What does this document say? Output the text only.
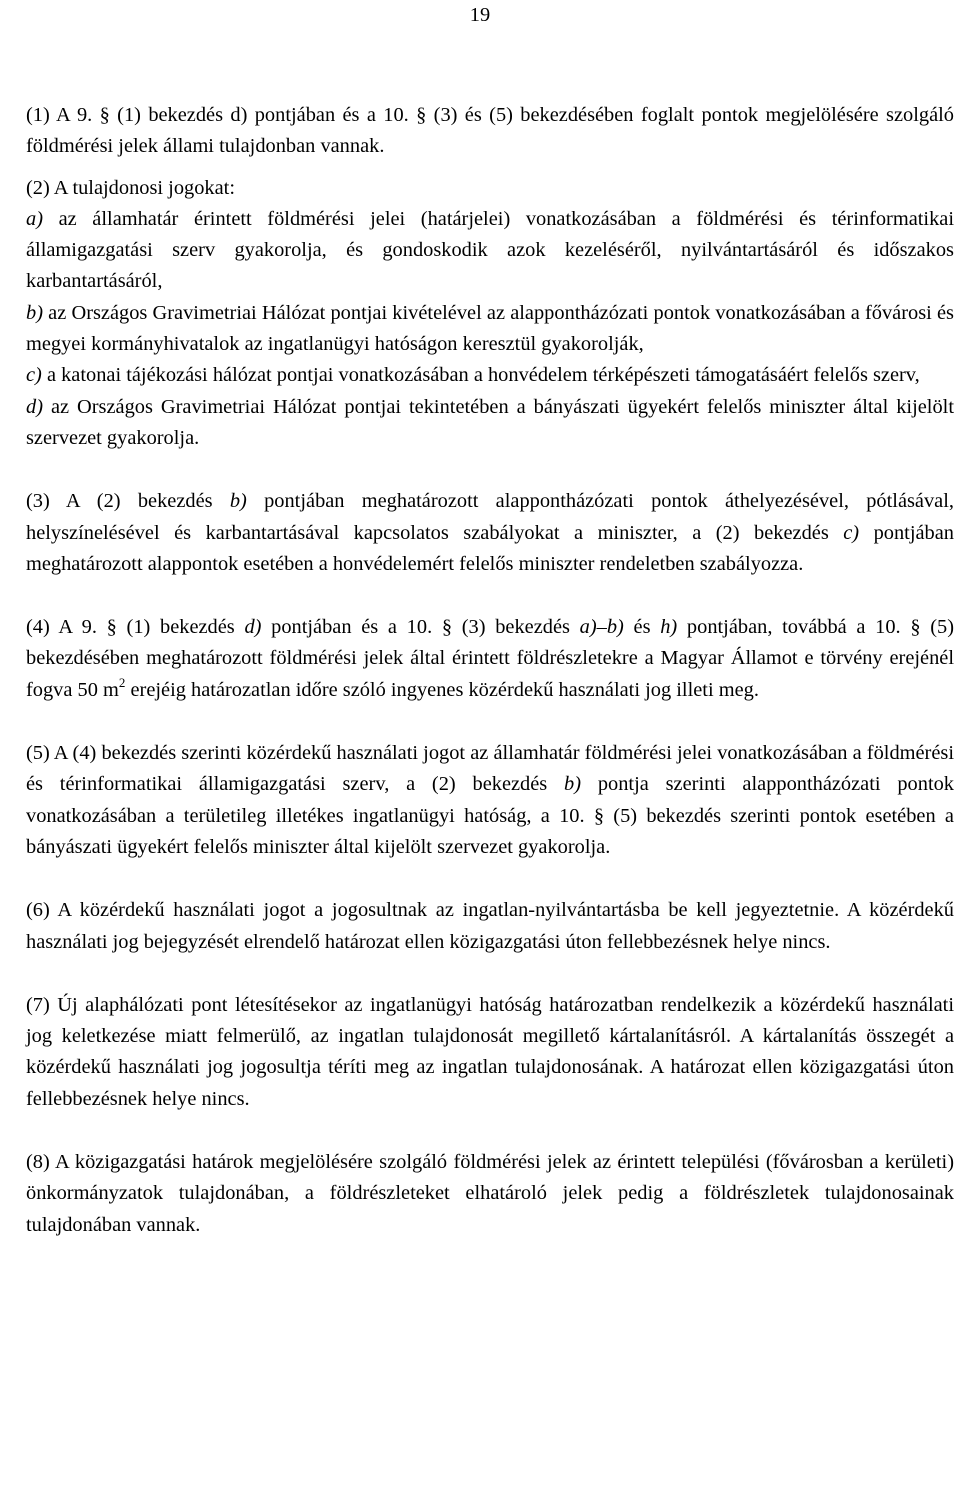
19

(1) A 9. § (1) bekezdés d) pontjában és a 10. § (3) és (5) bekezdésében foglalt pontok megjelölésére szolgáló földmérési jelek állami tulajdonban vannak.

(2) A tulajdonosi jogokat:
a) az államhatár érintett földmérési jelei (határjelei) vonatkozásában a földmérési és térinformatikai államigazgatási szerv gyakorolja, és gondoskodik azok kezeléséről, nyilvántartásáról és időszakos karbantartásáról,
b) az Országos Gravimetriai Hálózat pontjai kivételével az alappontházózati pontok vonatkozásában a fővárosi és megyei kormányhivatalok az ingatlanügyi hatóságon keresztül gyakorolják,
c) a katonai tájékozási hálózat pontjai vonatkozásában a honvédelem térképészeti támogatásáért felelős szerv,
d) az Országos Gravimetriai Hálózat pontjai tekintetében a bányászati ügyekért felelős miniszter által kijelölt szervezet gyakorolja.

(3) A (2) bekezdés b) pontjában meghatározott alappontházózati pontok áthelyezésével, pótlásával, helyszínelésével és karbantartásával kapcsolatos szabályokat a miniszter, a (2) bekezdés c) pontjában meghatározott alappontok esetében a honvédelemért felelős miniszter rendeletben szabályozza.

(4) A 9. § (1) bekezdés d) pontjában és a 10. § (3) bekezdés a)–b) és h) pontjában, továbbá a 10. § (5) bekezdésében meghatározott földmérési jelek által érintett földrészletekre a Magyar Államot e törvény erejénél fogva 50 $m^2$ erejéig határozatlan időre szóló ingyenes közérdekű használati jog illeti meg.

(5) A (4) bekezdés szerinti közérdekű használati jogot az államhatár földmérési jelei vonatkozásában a földmérési és térinformatikai államigazgatási szerv, a (2) bekezdés b) pontja szerinti alappontházózati pontok vonatkozásában a területileg illetékes ingatlanügyi hatóság, a 10. § (5) bekezdés szerinti pontok esetében a bányászati ügyekért felelős miniszter által kijelölt szervezet gyakorolja.

(6) A közérdekű használati jogot a jogosultnak az ingatlan-nyilvántartásba be kell jegyeztetnie. A közérdekű használati jog bejegyzését elrendelő határozat ellen közigazgatási úton fellebbezésnek helye nincs.

(7) Új alaphálózati pont létesítésekor az ingatlanügyi hatóság határozatban rendelkezik a közérdekű használati jog keletkezése miatt felmerülő, az ingatlan tulajdonosát megillető kártalanításról. A kártalanítás összegét a közérdekű használati jog jogosultja téríti meg az ingatlan tulajdonosának. A határozat ellen közigazgatási úton fellebbezésnek helye nincs.

(8) A közigazgatási határok megjelölésére szolgáló földmérési jelek az érintett települési (fővárosban a kerületi) önkormányzatok tulajdonában, a földrészleteket elhatároló jelek pedig a földrészletek tulajdonosainak tulajdonában vannak.
